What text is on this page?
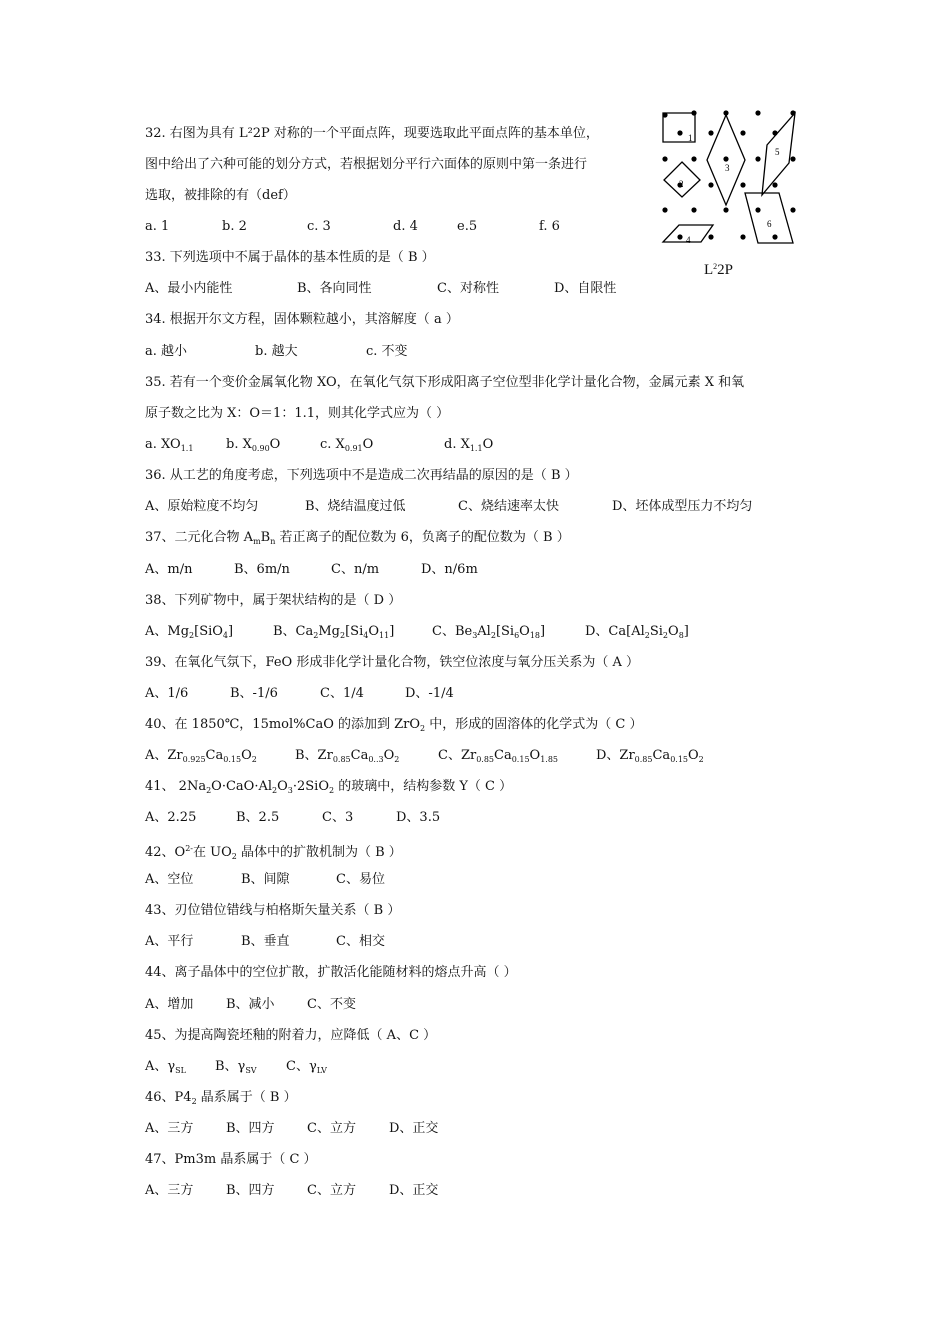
32. 右图为具有 L²2P 对称的一个平面点阵，现要选取此平面点阵的基本单位，
图中给出了六种可能的划分方式，若根据划分平行六面体的原则中第一条进行
选取，被排除的有（def）
a. 1	b. 2	c. 3	d. 4	e.5	f. 6
1
2
3
4
5
6
$L^22P$
33. 下列选项中不属于晶体的基本性质的是（ B ）
A、最小内能性	B、各向同性	C、对称性	D、自限性
34. 根据开尔文方程，固体颗粒越小，其溶解度（ a ）
a. 越小	b. 越大	c. 不变
35. 若有一个变价金属氧化物 XO，在氧化气氛下形成阳离子空位型非化学计量化合物，金属元素 X 和氧
原子数之比为 X：O＝1：1.1，则其化学式应为（ ）
a. $XO_{1.1}$	b. $X_{0.90}O$	c. $X_{0.91}O$	d. $X_{1.1}O$
36. 从工艺的角度考虑，下列选项中不是造成二次再结晶的原因的是（ B ）
A、原始粒度不均匀	B、烧结温度过低	C、烧结速率太快	D、坯体成型压力不均匀
37、二元化合物 $A_mB_n$ 若正离子的配位数为 6，负离子的配位数为（ B ）
A、m/n	B、6m/n	C、n/m	D、n/6m
38、下列矿物中，属于架状结构的是（ D ）
A、$Mg_2[SiO_4]$	B、$Ca_2Mg_2[Si_4O_{11}]$	C、$Be_3Al_2[Si_6O_{18}]$	D、$Ca[Al_2Si_2O_8]$
39、在氧化气氛下，FeO 形成非化学计量化合物，铁空位浓度与氧分压关系为（ A ）
A、1/6	B、-1/6	C、1/4	D、-1/4
40、在 1850℃，15mol%CaO 的添加到 ZrO$_2$ 中，形成的固溶体的化学式为（ C ）
A、$Zr_{0.925}Ca_{0.15}O_2$	B、$Zr_{0.85}Ca_{0..3}O_2$	C、$Zr_{0.85}Ca_{0.15}O_{1.85}$	D、$Zr_{0.85}Ca_{0.15}O_2$
41、 $2Na_2O\cdot CaO\cdot Al_2O_3\cdot 2SiO_2$ 的玻璃中，结构参数 Y（ C ）
A、2.25	B、2.5	C、3	D、3.5
42、$O^{2-}$在 $UO_2$ 晶体中的扩散机制为（ B ）
A、空位	B、间隙	C、易位
43、刃位错位错线与柏格斯矢量关系（ B ）
A、平行	B、垂直	C、相交
44、离子晶体中的空位扩散，扩散活化能随材料的熔点升高（ ）
A、增加	B、减小 C、不变
45、为提高陶瓷坯釉的附着力，应降低（ A、C ）
A、$\gamma_{SL}$ B、$\gamma_{SV}$ C、$\gamma_{LV}$
46、$P4_2$ 晶系属于（ B ）
A、三方	B、四方 C、立方	D、正交
47、Pm3m 晶系属于（ C ）
A、三方	B、四方 C、立方	D、正交
